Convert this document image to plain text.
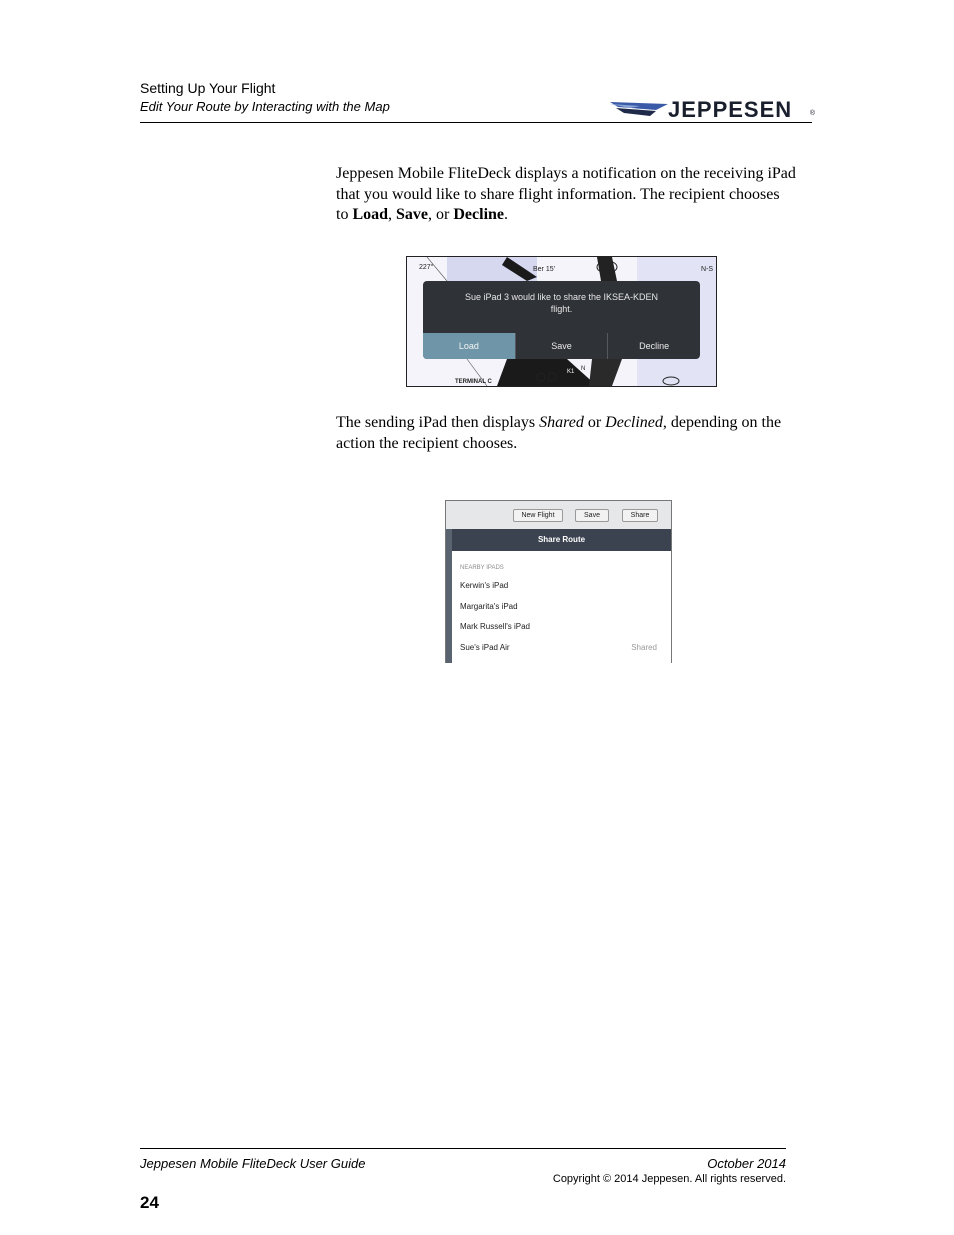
Setting Up Your Flight
Edit Your Route by Interacting with the Map	JEPPESEN	®
Jeppesen Mobile FliteDeck displays a notification on the receiving iPad that you would like to share flight information. The recipient chooses to Load, Save, or Decline.
227°	Ber 15'	19	N-S
TERMINAL C
K1 N
Sue iPad 3 would like to share the IKSEA-KDEN flight.
Load	Save	Decline
The sending iPad then displays Shared or Declined, depending on the action the recipient chooses.
New Flight	Save	Share
Share Route
NEARBY IPADS
Kerwin's iPad
Margarita's iPad
Mark Russell's iPad
Sue's iPad Air	Shared
Jeppesen Mobile FliteDeck User Guide	October 2014
Copyright © 2014 Jeppesen. All rights reserved.
24
